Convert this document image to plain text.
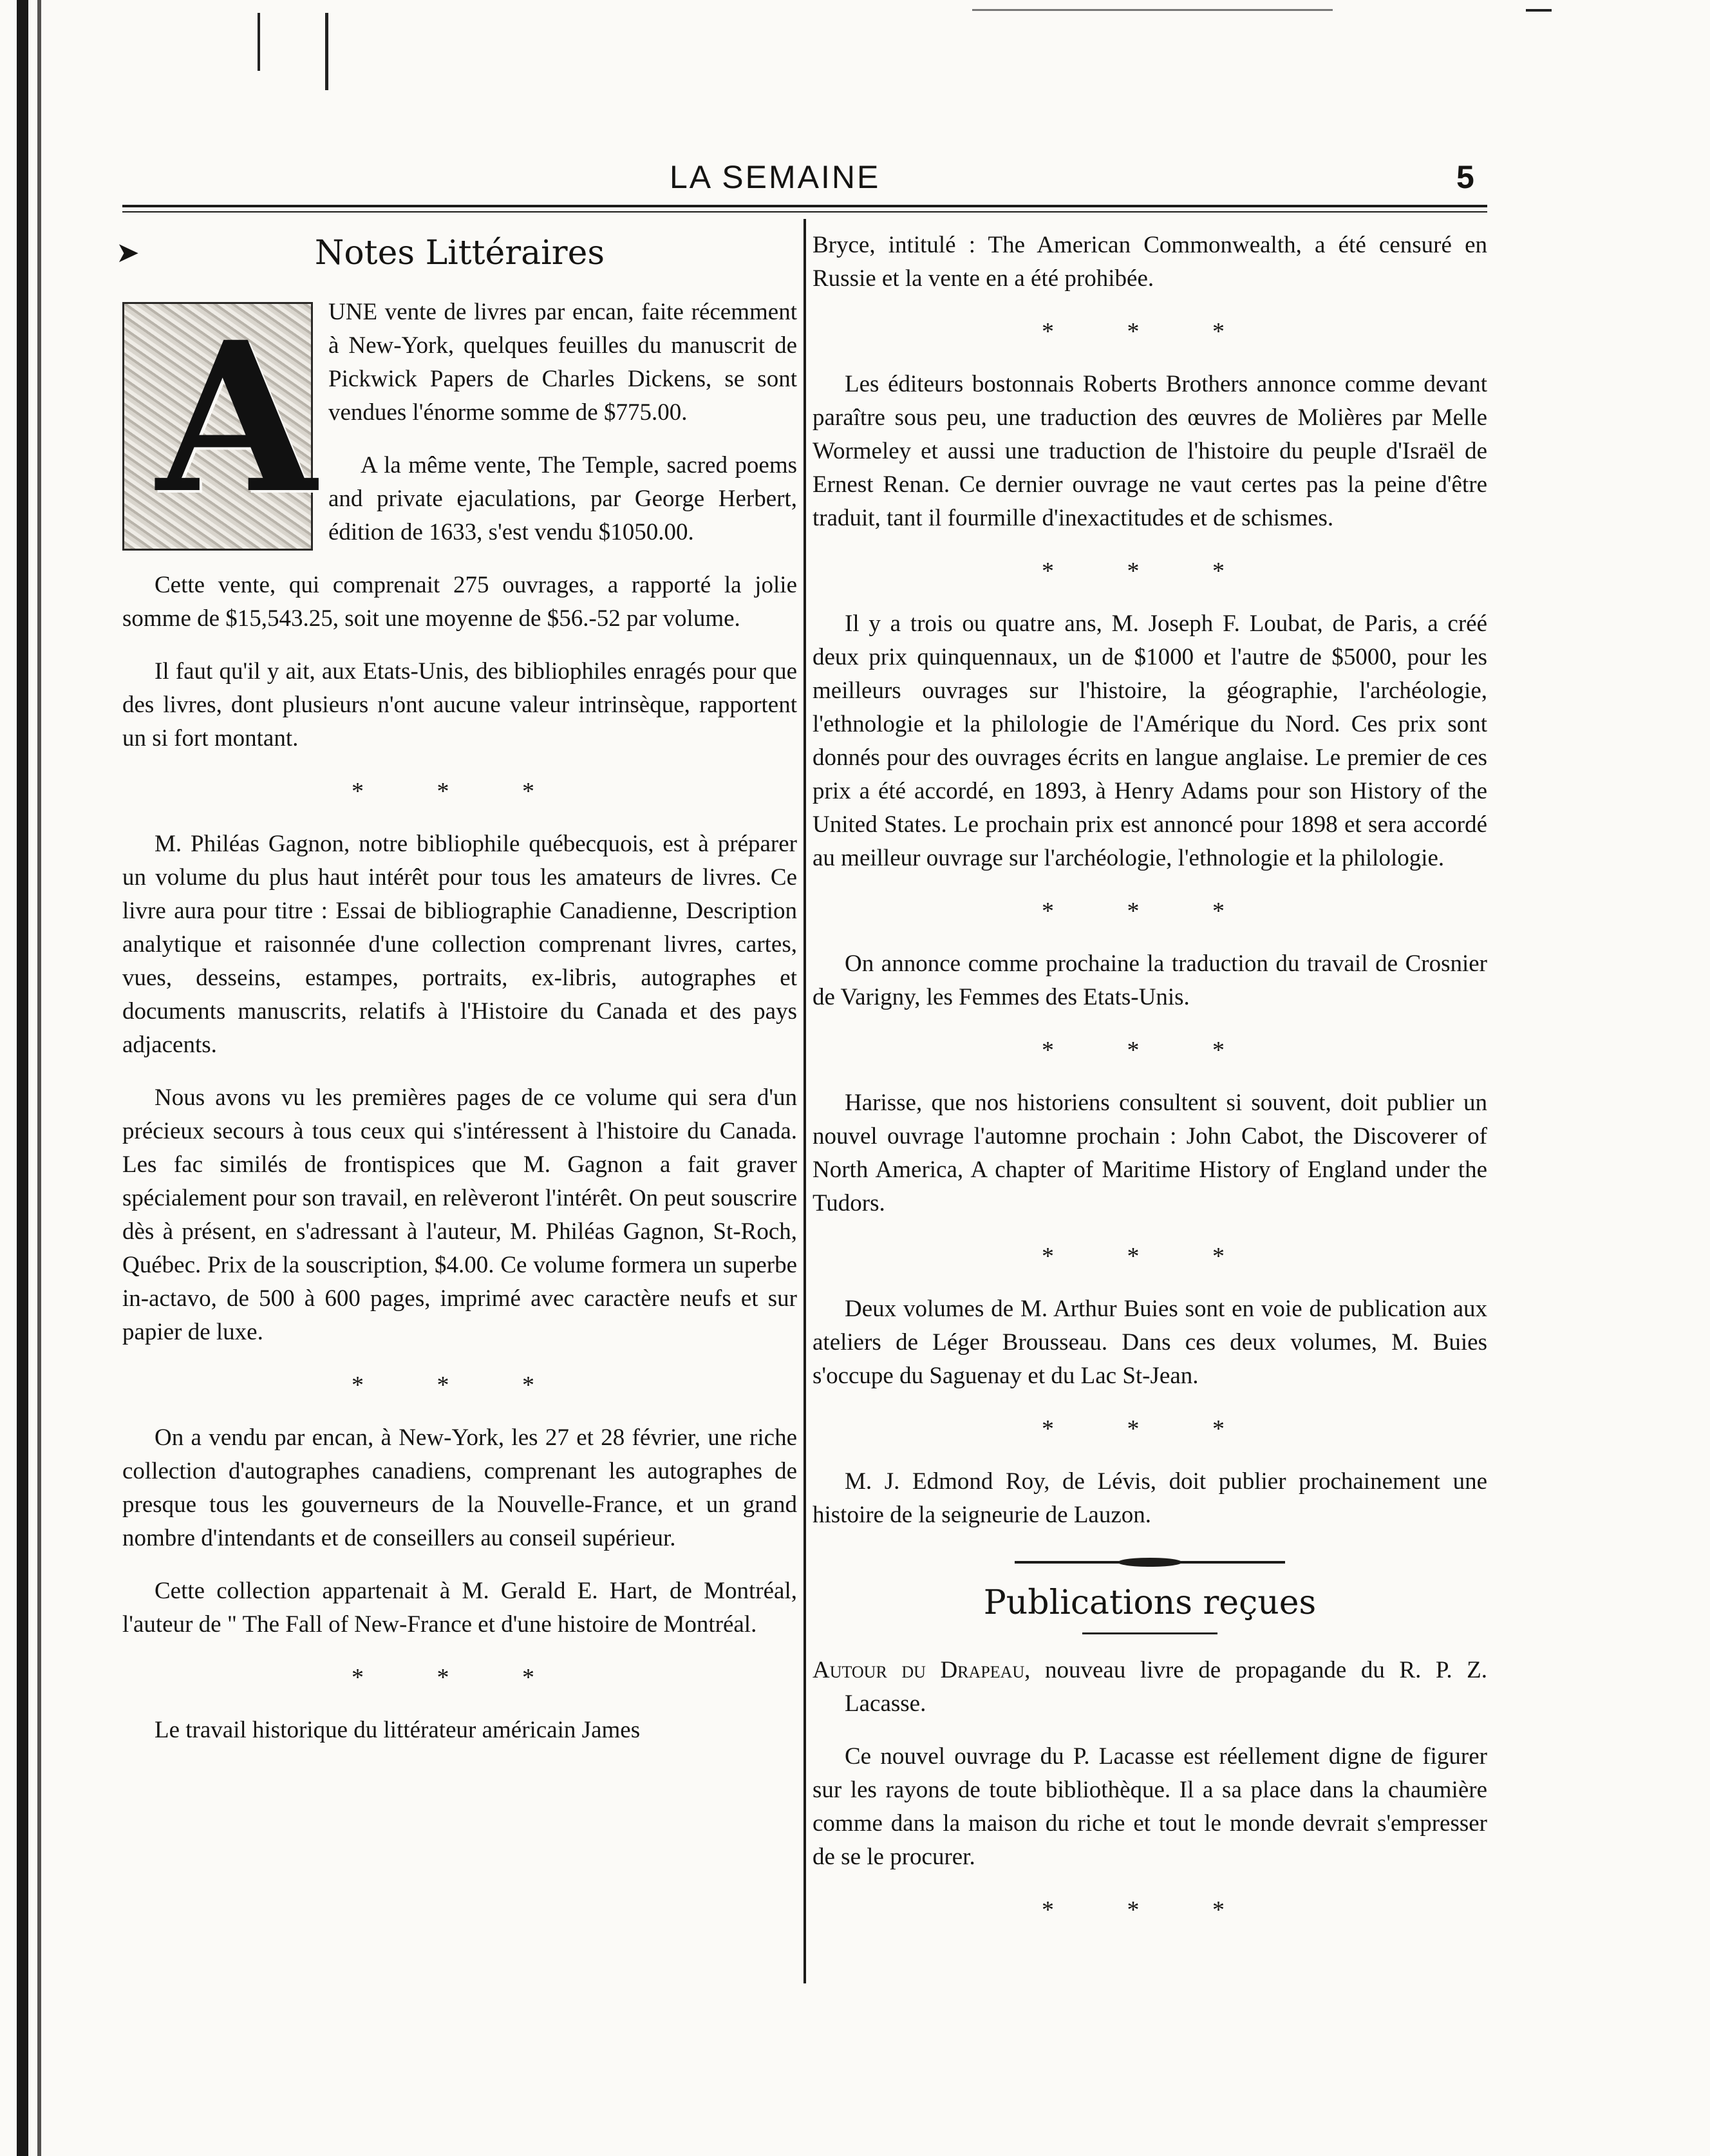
LA SEMAINE	5
➤	Notes Littéraires
A UNE vente de livres par encan, faite récemment à New-York, quelques feuilles du manuscrit de Pickwick Papers de Charles Dickens, se sont vendues l'énorme somme de $775.00.

A la même vente, The Temple, sacred poems and private ejaculations, par George Herbert, édition de 1633, s'est vendu $1050.00.

Cette vente, qui comprenait 275 ouvrages, a rapporté la jolie somme de $15,543.25, soit une moyenne de $56.-52 par volume.

Il faut qu'il y ait, aux Etats-Unis, des bibliophiles enragés pour que des livres, dont plusieurs n'ont aucune valeur intrinsèque, rapportent un si fort montant.

* * *

M. Philéas Gagnon, notre bibliophile québecquois, est à préparer un volume du plus haut intérêt pour tous les amateurs de livres. Ce livre aura pour titre : Essai de bibliographie Canadienne, Description analytique et raisonnée d'une collection comprenant livres, cartes, vues, desseins, estampes, portraits, ex-libris, autographes et documents manuscrits, relatifs à l'Histoire du Canada et des pays adjacents.

Nous avons vu les premières pages de ce volume qui sera d'un précieux secours à tous ceux qui s'intéressent à l'histoire du Canada. Les fac similés de frontispices que M. Gagnon a fait graver spécialement pour son travail, en relèveront l'intérêt. On peut souscrire dès à présent, en s'adressant à l'auteur, M. Philéas Gagnon, St-Roch, Québec. Prix de la souscription, $4.00. Ce volume formera un superbe in-actavo, de 500 à 600 pages, imprimé avec caractère neufs et sur papier de luxe.

* * *

On a vendu par encan, à New-York, les 27 et 28 février, une riche collection d'autographes canadiens, comprenant les autographes de presque tous les gouverneurs de la Nouvelle-France, et un grand nombre d'intendants et de conseillers au conseil supérieur.

Cette collection appartenait à M. Gerald E. Hart, de Montréal, l'auteur de " The Fall of New-France et d'une histoire de Montréal.

* * *

Le travail historique du littérateur américain James

Bryce, intitulé : The American Commonwealth, a été censuré en Russie et la vente en a été prohibée.

* * *

Les éditeurs bostonnais Roberts Brothers annonce comme devant paraître sous peu, une traduction des œuvres de Molières par Melle Wormeley et aussi une traduction de l'histoire du peuple d'Israël de Ernest Renan. Ce dernier ouvrage ne vaut certes pas la peine d'être traduit, tant il fourmille d'inexactitudes et de schismes.

* * *

Il y a trois ou quatre ans, M. Joseph F. Loubat, de Paris, a créé deux prix quinquennaux, un de $1000 et l'autre de $5000, pour les meilleurs ouvrages sur l'histoire, la géographie, l'archéologie, l'ethnologie et la philologie de l'Amérique du Nord. Ces prix sont donnés pour des ouvrages écrits en langue anglaise. Le premier de ces prix a été accordé, en 1893, à Henry Adams pour son History of the United States. Le prochain prix est annoncé pour 1898 et sera accordé au meilleur ouvrage sur l'archéologie, l'ethnologie et la philologie.

* * *

On annonce comme prochaine la traduction du travail de Crosnier de Varigny, les Femmes des Etats-Unis.

* * *

Harisse, que nos historiens consultent si souvent, doit publier un nouvel ouvrage l'automne prochain : John Cabot, the Discoverer of North America, A chapter of Maritime History of England under the Tudors.

* * *

Deux volumes de M. Arthur Buies sont en voie de publication aux ateliers de Léger Brousseau. Dans ces deux volumes, M. Buies s'occupe du Saguenay et du Lac St-Jean.

* * *

M. J. Edmond Roy, de Lévis, doit publier prochainement une histoire de la seigneurie de Lauzon.

Publications reçues

Autour du Drapeau, nouveau livre de propagande du R. P. Z. Lacasse.

Ce nouvel ouvrage du P. Lacasse est réellement digne de figurer sur les rayons de toute bibliothèque. Il a sa place dans la chaumière comme dans la maison du riche et tout le monde devrait s'empresser de se le procurer.

* * *
